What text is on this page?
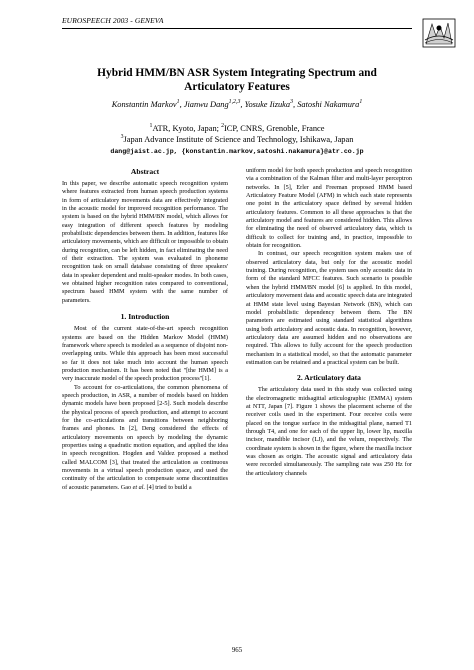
EUROSPEECH 2003 - GENEVA
Hybrid HMM/BN ASR System Integrating Spectrum and
Articulatory Features
Konstantin Markov$^1$, Jianwu Dang$^{1,2,3}$, Yosuke Iizuka$^3$, Satoshi Nakamura$^1$
$^1$ATR, Kyoto, Japan; $^2$ICP, CNRS, Grenoble, France
$^3$Japan Advance Institute of Science and Technology, Ishikawa, Japan
dang@jaist.ac.jp, {konstantin.markov,satoshi.nakamura}@atr.co.jp
Abstract

In this paper, we describe automatic speech recognition system where features extracted from human speech production systems in form of articulatory movements data are effectively integrated in the acoustic model for improved recognition performance. The system is based on the hybrid HMM/BN model, which allows for easy integration of different speech features by modeling probabilistic dependencies between them. In addition, features like articulatory movements, which are difficult or impossible to obtain during recognition, can be left hidden, in fact eliminating the need of their extraction. The system was evaluated in phoneme recognition task on small database consisting of three speakers' data in speaker dependent and multi-speaker modes. In both cases, we obtained higher recognition rates compared to conventional, spectrum based HMM system with the same number of parameters.

1. Introduction

Most of the current state-of-the-art speech recognition systems are based on the Hidden Markov Model (HMM) framework where speech is modeled as a sequence of disjoint non-overlapping units. While this approach has been most successful so far it does not take much into account the human speech production mechanism. It has been noted that "[the HMM] is a very inaccurate model of the speech production process"[1].

To account for co-articulations, the common phenomena of speech production, in ASR, a number of models based on hidden dynamic models have been proposed [2-5]. Such models describe the physical process of speech production, and attempt to account for the co-articulations and transitions between neighboring frames and phones. In [2], Deng considered the effects of articulatory movements on speech by modeling the dynamic properties using a quadratic motion equation, and applied the idea in speech recognition. Hogden and Valdez proposed a method called MALCOM [3], that treated the articulation as continuous movements in a virtual speech production space, and used the continuity of the articulation to compensate some discontinuities of acoustic parameters. Gao et al. [4] tried to build a

uniform model for both speech production and speech recognition via a combination of the Kalman filter and multi-layer perceptron networks. In [5], Erler and Freeman proposed HMM based Articulatory Feature Model (AFM) in which each state represents one point in the articulatory space defined by several hidden articulatory features. Common to all these approaches is that the articulatory model and features are considered hidden. This allows for eliminating the need of observed articulatory data, which is difficult to collect for training and, in practice, impossible to obtain for recognition.

In contrast, our speech recognition system makes use of observed articulatory data, but only for the acoustic model training. During recognition, the system uses only acoustic data in form of the standard MFCC features. Such scenario is possible when the hybrid HMM/BN model [6] is applied. In this model, articulatory movement data and acoustic speech data are integrated at HMM state level using Bayesian Network (BN), which can model probabilistic dependency between them. The BN parameters are estimated using standard statistical algorithms using both articulatory and acoustic data. In recognition, however, articulatory data are assumed hidden and no observations are required. This allows to fully account for the speech production mechanism in a statistical model, so that the automatic parameter estimation can be retained and a practical system can be built.

2. Articulatory data

The articulatory data used in this study was collected using the electromagnetic midsagittal articulographic (EMMA) system at NTT, Japan [7]. Figure 1 shows the placement scheme of the receiver coils used in the experiment. Four receive coils were placed on the tongue surface in the midsagittal plane, named T1 through T4, and one for each of the upper lip, lower lip, maxilla incisor, mandible incisor (LJ), and the velum, respectively. The coordinate system is shown in the figure, where the maxilla incisor was chosen as origin. The acoustic signal and articulatory data were recorded simultaneously. The sampling rate was 250 Hz for the articulatory channels

965
